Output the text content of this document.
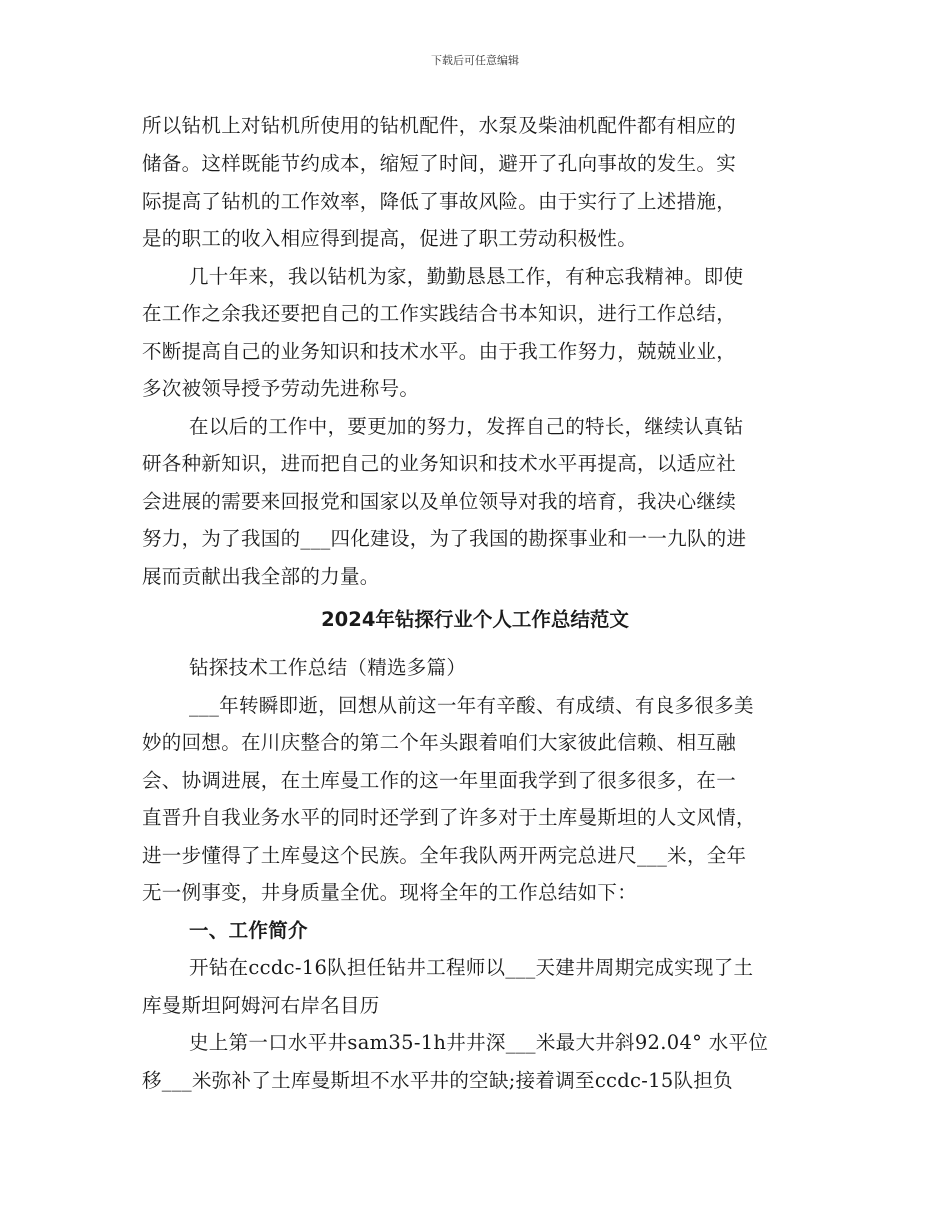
下载后可任意编辑
所以钻机上对钻机所使用的钻机配件，水泵及柴油机配件都有相应的
储备。这样既能节约成本，缩短了时间，避开了孔向事故的发生。实
际提高了钻机的工作效率，降低了事故风险。由于实行了上述措施，
是的职工的收入相应得到提高，促进了职工劳动积极性。
几十年来，我以钻机为家，勤勤恳恳工作，有种忘我精神。即使
在工作之余我还要把自己的工作实践结合书本知识，进行工作总结，
不断提高自己的业务知识和技术水平。由于我工作努力，兢兢业业，
多次被领导授予劳动先进称号。
在以后的工作中，要更加的努力，发挥自己的特长，继续认真钻
研各种新知识，进而把自己的业务知识和技术水平再提高，以适应社
会进展的需要来回报党和国家以及单位领导对我的培育，我决心继续
努力，为了我国的___四化建设，为了我国的勘探事业和一一九队的进
展而贡献出我全部的力量。
2024年钻探行业个人工作总结范文
钻探技术工作总结（精选多篇）
___年转瞬即逝，回想从前这一年有辛酸、有成绩、有良多很多美
妙的回想。在川庆整合的第二个年头跟着咱们大家彼此信赖、相互融
会、协调进展，在土库曼工作的这一年里面我学到了很多很多，在一
直晋升自我业务水平的同时还学到了许多对于土库曼斯坦的人文风情，
进一步懂得了土库曼这个民族。全年我队两开两完总进尺___米，全年
无一例事变，井身质量全优。现将全年的工作总结如下：
一、工作简介
开钻在ccdc-16队担任钻井工程师以___天建井周期完成实现了土
库曼斯坦阿姆河右岸名目历
史上第一口水平井sam35-1h井井深___米最大井斜92.04° 水平位
移___米弥补了土库曼斯坦不水平井的空缺;接着调至ccdc-15队担负
